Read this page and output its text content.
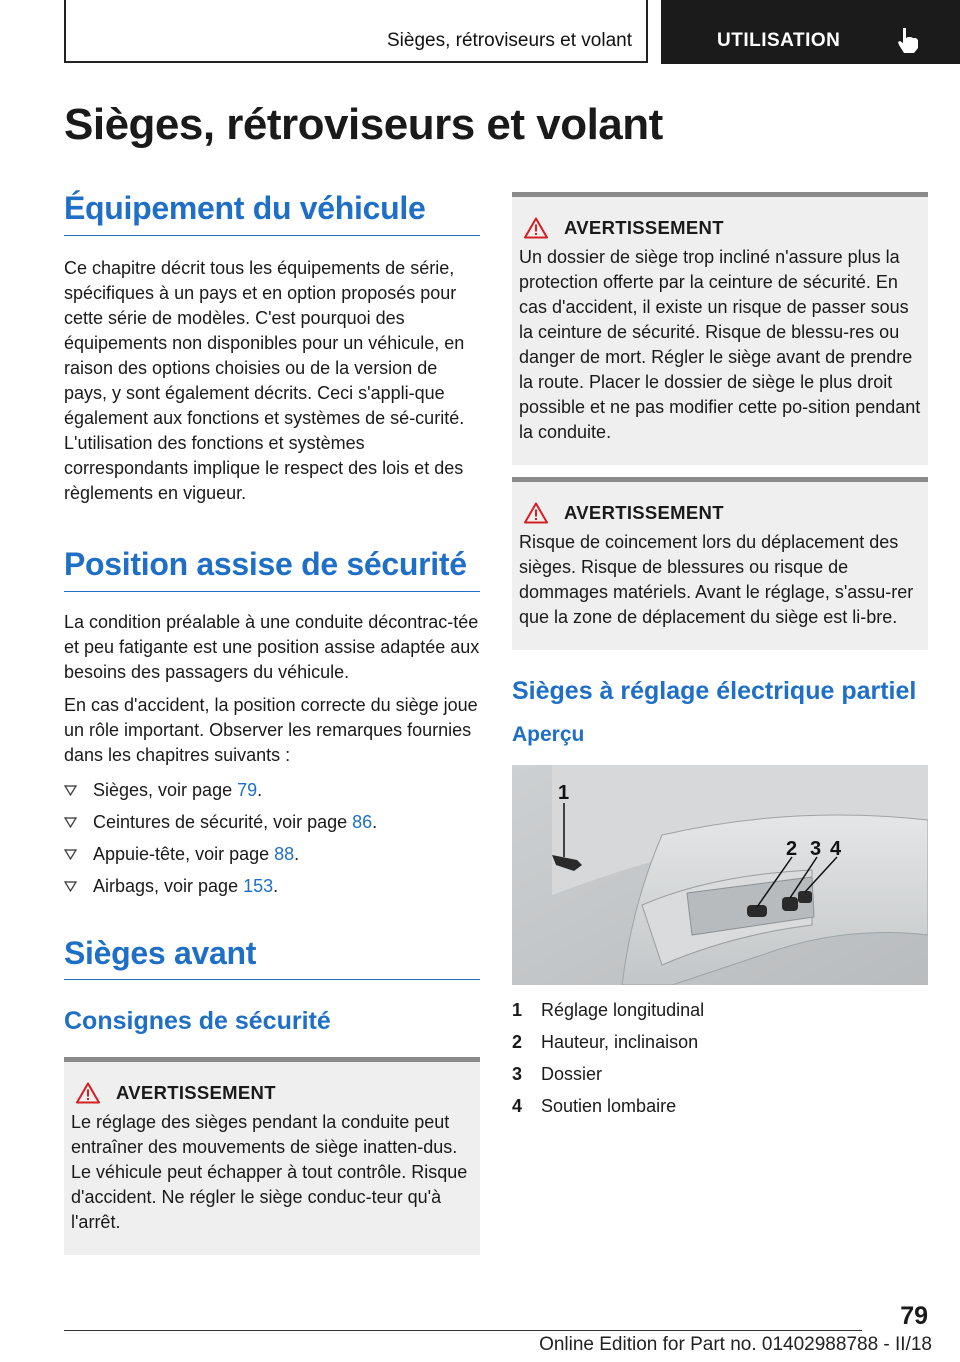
Sièges, rétroviseurs et volant	UTILISATION
Sièges, rétroviseurs et volant
Équipement du véhicule

Ce chapitre décrit tous les équipements de série, spécifiques à un pays et en option proposés pour cette série de modèles. C'est pourquoi des équipements non disponibles pour un véhicule, en raison des options choisies ou de la version de pays, y sont également décrits. Ceci s'appli-que également aux fonctions et systèmes de sé-curité. L'utilisation des fonctions et systèmes correspondants implique le respect des lois et des règlements en vigueur.

Position assise de sécurité

La condition préalable à une conduite décontrac-tée et peu fatigante est une position assise adaptée aux besoins des passagers du véhicule.

En cas d'accident, la position correcte du siège joue un rôle important. Observer les remarques fournies dans les chapitres suivants :

Sièges, voir page 79.
Ceintures de sécurité, voir page 86.
Appuie-tête, voir page 88.
Airbags, voir page 153.
Sièges avant
Consignes de sécurité
AVERTISSEMENT

Le réglage des sièges pendant la conduite peut entraîner des mouvements de siège inatten-dus. Le véhicule peut échapper à tout contrôle. Risque d'accident. Ne régler le siège conduc-teur qu'à l'arrêt.

AVERTISSEMENT

Un dossier de siège trop incliné n'assure plus la protection offerte par la ceinture de sécurité. En cas d'accident, il existe un risque de passer sous la ceinture de sécurité. Risque de blessu-res ou danger de mort. Régler le siège avant de prendre la route. Placer le dossier de siège le plus droit possible et ne pas modifier cette po-sition pendant la conduite.

AVERTISSEMENT

Risque de coincement lors du déplacement des sièges. Risque de blessures ou risque de dommages matériels. Avant le réglage, s'assu-rer que la zone de déplacement du siège est li-bre.

Sièges à réglage électrique partiel
Aperçu
1
2 3 4
1	Réglage longitudinal
2	Hauteur, inclinaison
3	Dossier
4	Soutien lombaire
79
Online Edition for Part no. 01402988788 - II/18
